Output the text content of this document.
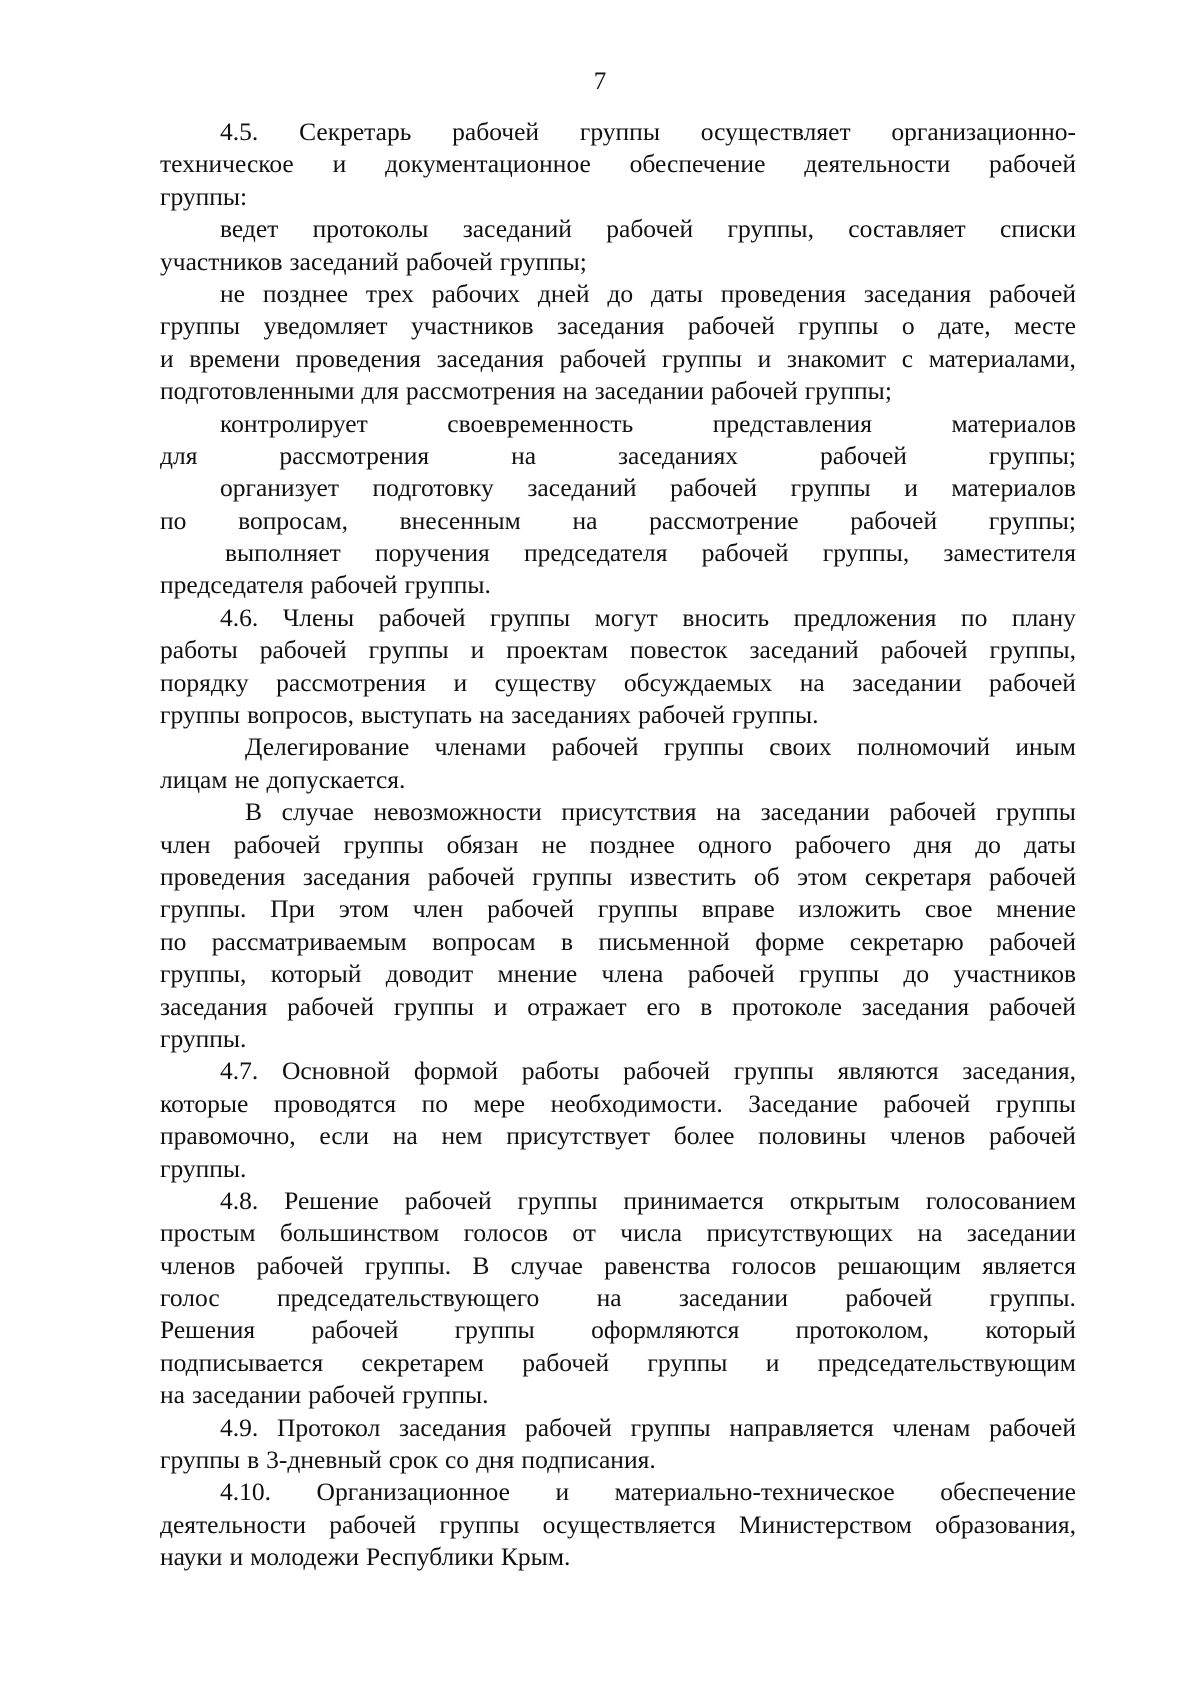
7
4.5. Секретарь рабочей группы осуществляет организационно-
техническое и документационное обеспечение деятельности рабочей
группы:
ведет протоколы заседаний рабочей группы, составляет списки
участников заседаний рабочей группы;
не позднее трех рабочих дней до даты проведения заседания рабочей
группы уведомляет участников заседания рабочей группы о дате, месте
и времени проведения заседания рабочей группы и знакомит с материалами,
подготовленными для рассмотрения на заседании рабочей группы;
контролирует	своевременность	представления	материалов
для	рассмотрения	на	заседаниях	рабочей	группы;
организует подготовку заседаний рабочей группы и материалов
по вопросам, внесенным на рассмотрение рабочей группы;
выполняет поручения председателя рабочей группы, заместителя
председателя рабочей группы.
4.6. Члены рабочей группы могут вносить предложения по плану
работы рабочей группы и проектам повесток заседаний рабочей группы,
порядку рассмотрения и существу обсуждаемых на заседании рабочей
группы вопросов, выступать на заседаниях рабочей группы.
Делегирование членами рабочей группы своих полномочий иным
лицам не допускается.
В случае невозможности присутствия на заседании рабочей группы
член рабочей группы обязан не позднее одного рабочего дня до даты
проведения заседания рабочей группы известить об этом секретаря рабочей
группы. При этом член рабочей группы вправе изложить свое мнение
по рассматриваемым вопросам в письменной форме секретарю рабочей
группы, который доводит мнение члена рабочей группы до участников
заседания рабочей группы и отражает его в протоколе заседания рабочей
группы.
4.7. Основной формой работы рабочей группы являются заседания,
которые проводятся по мере необходимости. Заседание рабочей группы
правомочно, если на нем присутствует более половины членов рабочей
группы.
4.8. Решение рабочей группы принимается открытым голосованием
простым большинством голосов от числа присутствующих на заседании
членов рабочей группы. В случае равенства голосов решающим является
голос председательствующего на заседании рабочей группы.
Решения рабочей группы оформляются протоколом, который
подписывается секретарем рабочей группы и председательствующим
на заседании рабочей группы.
4.9. Протокол заседания рабочей группы направляется членам рабочей
группы в 3-дневный срок со дня подписания.
4.10. Организационное и материально-техническое обеспечение
деятельности рабочей группы осуществляется Министерством образования,
науки и молодежи Республики Крым.
